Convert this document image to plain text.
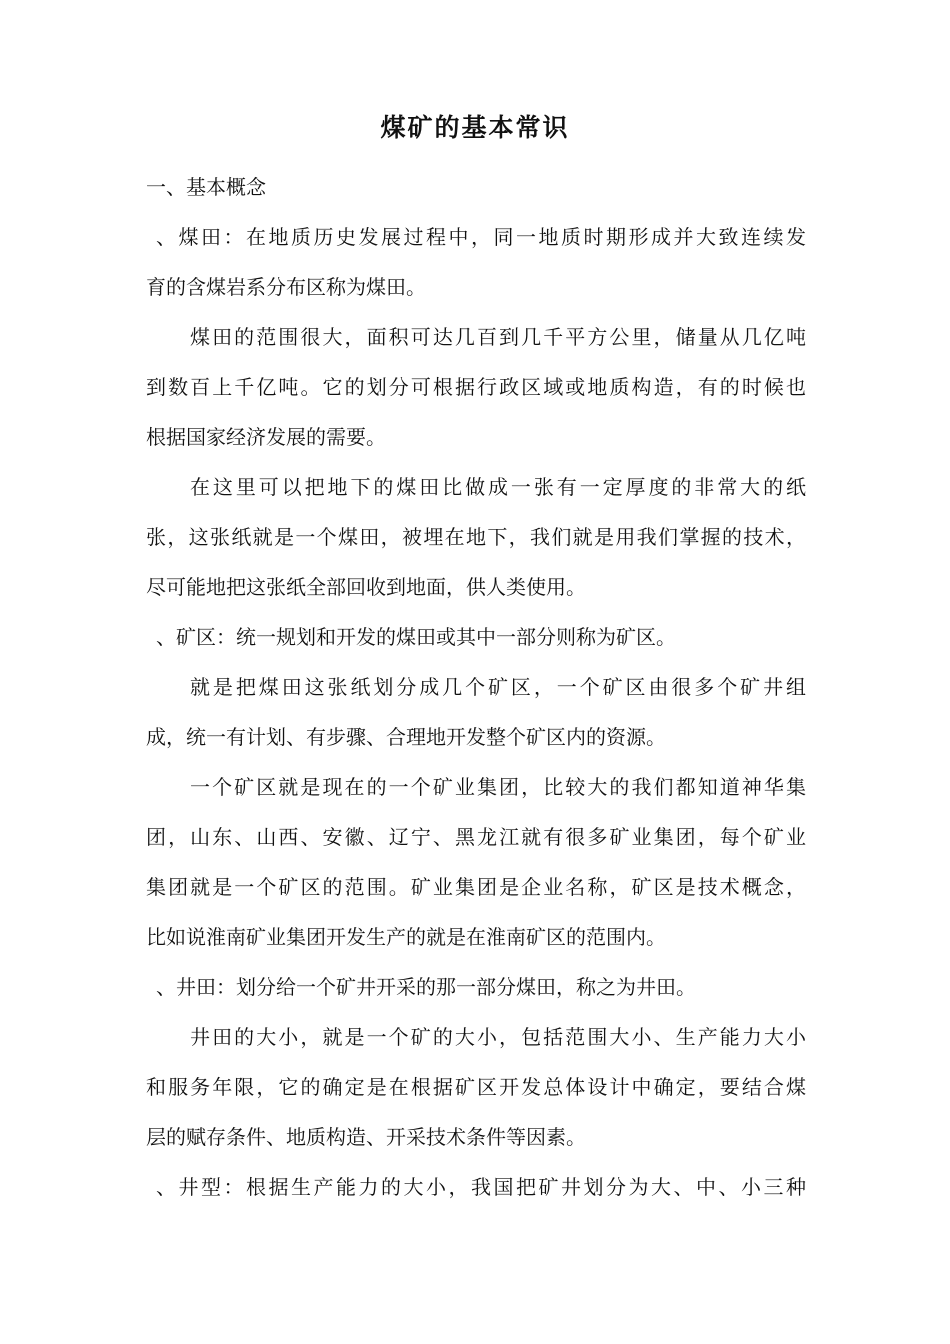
煤矿的基本常识
一、基本概念
、煤田：在地质历史发展过程中，同一地质时期形成并大致连续发
育的含煤岩系分布区称为煤田。
煤田的范围很大，面积可达几百到几千平方公里，储量从几亿吨
到数百上千亿吨。它的划分可根据行政区域或地质构造，有的时候也
根据国家经济发展的需要。
在这里可以把地下的煤田比做成一张有一定厚度的非常大的纸
张，这张纸就是一个煤田，被埋在地下，我们就是用我们掌握的技术，
尽可能地把这张纸全部回收到地面，供人类使用。
、矿区：统一规划和开发的煤田或其中一部分则称为矿区。
就是把煤田这张纸划分成几个矿区，一个矿区由很多个矿井组
成，统一有计划、有步骤、合理地开发整个矿区内的资源。
一个矿区就是现在的一个矿业集团，比较大的我们都知道神华集
团，山东、山西、安徽、辽宁、黑龙江就有很多矿业集团，每个矿业
集团就是一个矿区的范围。矿业集团是企业名称，矿区是技术概念，
比如说淮南矿业集团开发生产的就是在淮南矿区的范围内。
、井田：划分给一个矿井开采的那一部分煤田，称之为井田。
井田的大小，就是一个矿的大小，包括范围大小、生产能力大小
和服务年限，它的确定是在根据矿区开发总体设计中确定，要结合煤
层的赋存条件、地质构造、开采技术条件等因素。
、井型：根据生产能力的大小，我国把矿井划分为大、中、小三种
